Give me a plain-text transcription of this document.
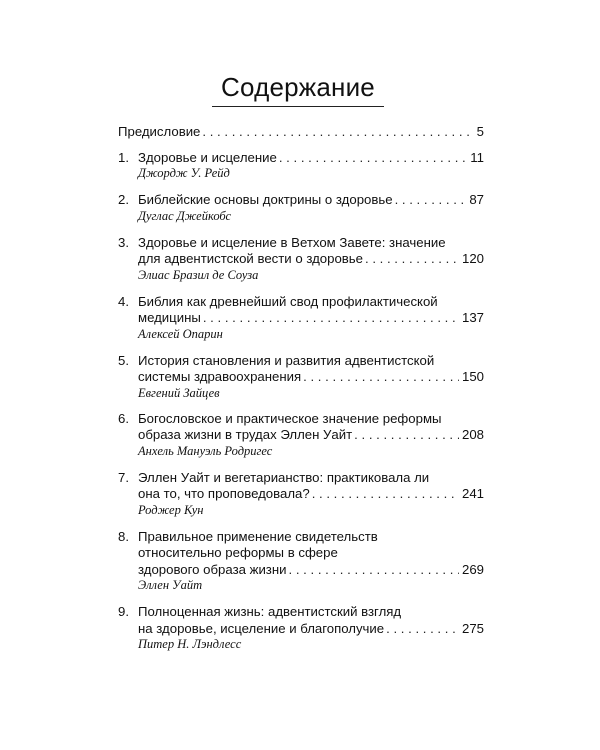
Содержание
Предисловие . . .	5
1. Здоровье и исцеление . . .	11
Джордж У. Рейд
2. Библейские основы доктрины о здоровье . . .	87
Дуглас Джейкобс
3. Здоровье и исцеление в Ветхом Завете: значение
для адвентистской вести о здоровье . . .	120
Элиас Бразил де Соуза
4. Библия как древнейший свод профилактической
медицины . . .	137
Алексей Опарин
5. История становления и развития адвентистской
системы здравоохранения . . .	150
Евгений Зайцев
6. Богословское и практическое значение реформы
образа жизни в трудах Эллен Уайт . . .	208
Анхель Мануэль Родригес
7. Эллен Уайт и вегетарианство: практиковала ли
она то, что проповедовала? . . .	241
Роджер Кун
8. Правильное применение свидетельств
относительно реформы в сфере
здорового образа жизни . . .	269
Эллен Уайт
9. Полноценная жизнь: адвентистский взгляд
на здоровье, исцеление и благополучие . . .	275
Питер Н. Лэндлесс
